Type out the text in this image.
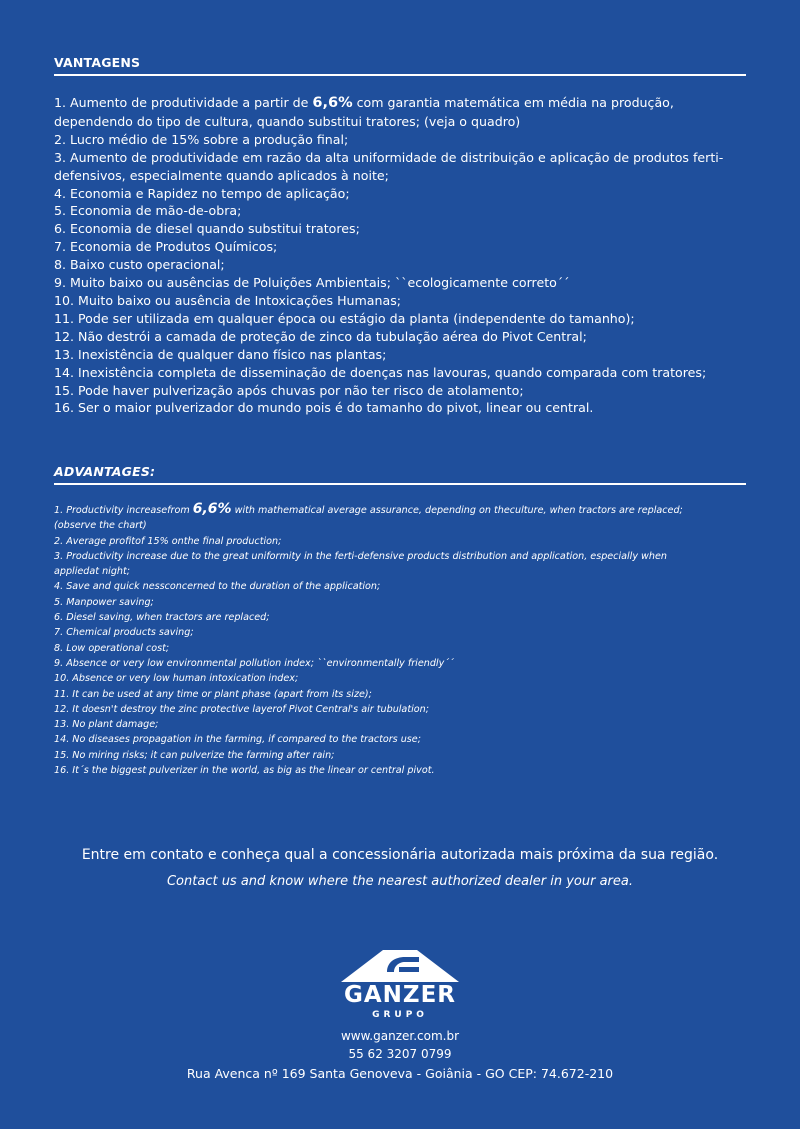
VANTAGENS
1. Aumento de produtividade a partir de 6,6% com garantia matemática em média na produção,
dependendo do tipo de cultura, quando substitui tratores; (veja o quadro)
2. Lucro médio de 15% sobre a produção final;
3. Aumento de produtividade em razão da alta uniformidade de distribuição e aplicação de produtos ferti-
defensivos, especialmente quando aplicados à noite;
4. Economia e Rapidez no tempo de aplicação;
5. Economia de mão-de-obra;
6. Economia de diesel quando substitui tratores;
7. Economia de Produtos Químicos;
8. Baixo custo operacional;
9. Muito baixo ou ausências de Poluições Ambientais; ``ecologicamente correto´´
10. Muito baixo ou ausência de Intoxicações Humanas;
11. Pode ser utilizada em qualquer época ou estágio da planta (independente do tamanho);
12. Não destrói a camada de proteção de zinco da tubulação aérea do Pivot Central;
13. Inexistência de qualquer dano físico nas plantas;
14. Inexistência completa de disseminação de doenças nas lavouras, quando comparada com tratores;
15. Pode haver pulverização após chuvas por não ter risco de atolamento;
16. Ser o maior pulverizador do mundo pois é do tamanho do pivot, linear ou central.
ADVANTAGES:
1. Productivity increasefrom 6,6% with mathematical average assurance, depending on theculture, when tractors are replaced;
(observe the chart)
2. Average profitof 15% onthe final production;
3. Productivity increase due to the great uniformity in the ferti-defensive products distribution and application, especially when
appliedat night;
4. Save and quick nessconcerned to the duration of the application;
5. Manpower saving;
6. Diesel saving, when tractors are replaced;
7. Chemical products saving;
8. Low operational cost;
9. Absence or very low environmental pollution index; ``environmentally friendly´´
10. Absence or very low human intoxication index;
11. It can be used at any time or plant phase (apart from its size);
12. It doesn't destroy the zinc protective layerof Pivot Central's air tubulation;
13. No plant damage;
14. No diseases propagation in the farming, if compared to the tractors use;
15. No miring risks; it can pulverize the farming after rain;
16. It´s the biggest pulverizer in the world, as big as the linear or central pivot.
Entre em contato e conheça qual a concessionária autorizada mais próxima da sua região.
Contact us and know where the nearest authorized dealer in your area.
GANZER
GRUPO
www.ganzer.com.br
55 62 3207 0799
Rua Avenca nº 169 Santa Genoveva - Goiânia - GO CEP: 74.672-210
